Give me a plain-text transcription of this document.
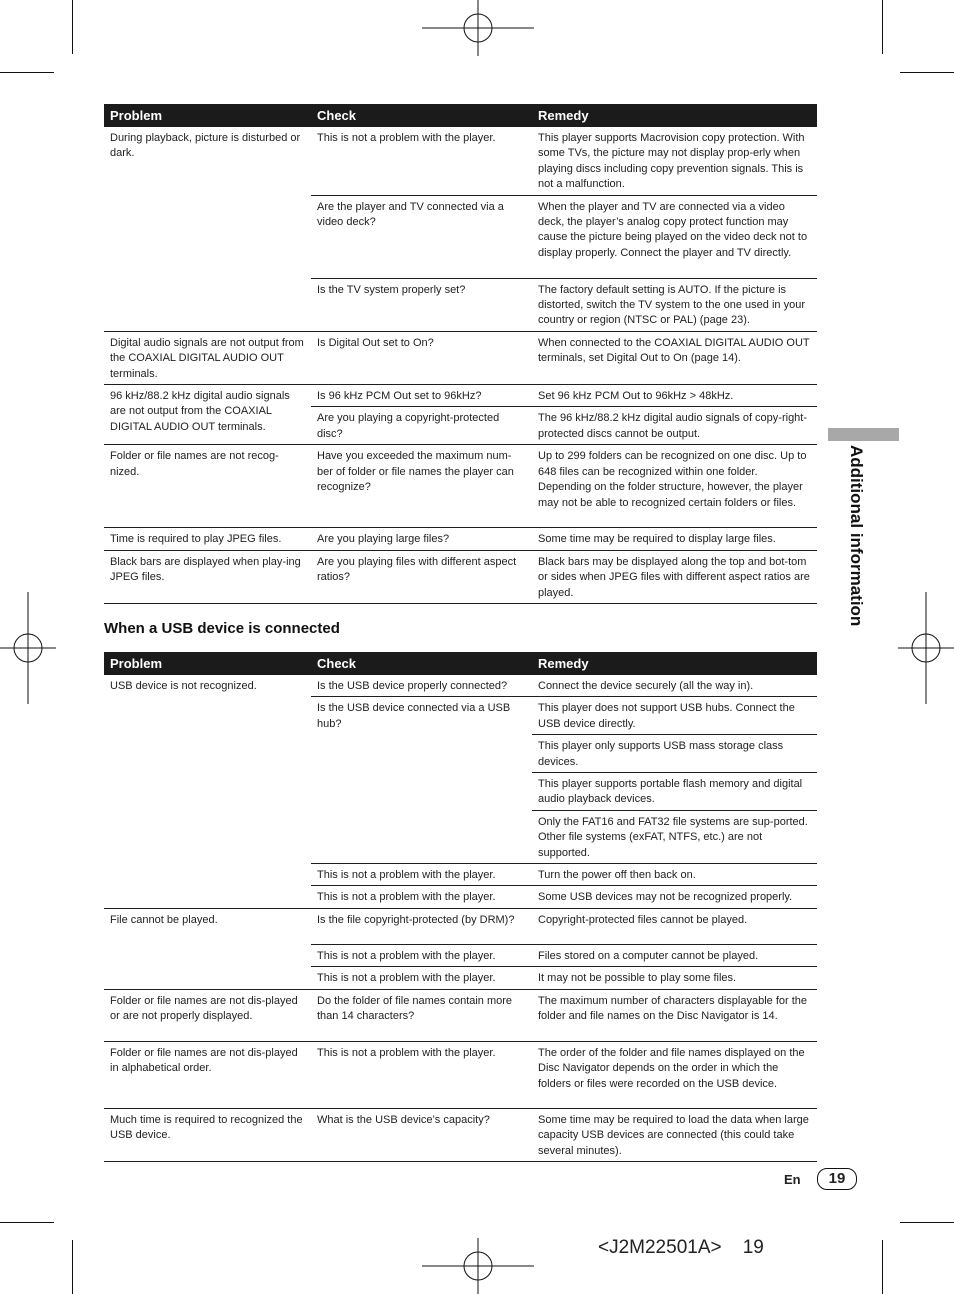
Problem	Check	Remedy
During playback, picture is disturbed or dark.	This is not a problem with the player.	This player supports Macrovision copy protection. With some TVs, the picture may not display prop-erly when playing discs including copy prevention signals. This is not a malfunction.
	Are the player and TV connected via a video deck?	When the player and TV are connected via a video deck, the player’s analog copy protect function may cause the picture being played on the video deck not to display properly. Connect the player and TV directly.
	Is the TV system properly set?	The factory default setting is AUTO. If the picture is distorted, switch the TV system to the one used in your country or region (NTSC or PAL) (page 23).
Digital audio signals are not output from the COAXIAL DIGITAL AUDIO OUT terminals.	Is Digital Out set to On?	When connected to the COAXIAL DIGITAL AUDIO OUT terminals, set Digital Out to On (page 14).
96 kHz/88.2 kHz digital audio signals are not output from the COAXIAL DIGITAL AUDIO OUT terminals.	Is 96 kHz PCM Out set to 96kHz?	Set 96 kHz PCM Out to 96kHz > 48kHz.
	Are you playing a copyright-protected disc?	The 96 kHz/88.2 kHz digital audio signals of copy-right-protected discs cannot be output.
Folder or file names are not recog-nized.	Have you exceeded the maximum num-ber of folder or file names the player can recognize?	Up to 299 folders can be recognized on one disc. Up to 648 files can be recognized within one folder. Depending on the folder structure, however, the player may not be able to recognized certain folders or files.
Time is required to play JPEG files.	Are you playing large files?	Some time may be required to display large files.
Black bars are displayed when play-ing JPEG files.	Are you playing files with different aspect ratios?	Black bars may be displayed along the top and bot-tom or sides when JPEG files with different aspect ratios are played.
When a USB device is connected
Problem	Check	Remedy
USB device is not recognized.	Is the USB device properly connected?	Connect the device securely (all the way in).
	Is the USB device connected via a USB hub?	This player does not support USB hubs. Connect the USB device directly.
		This player only supports USB mass storage class devices.
		This player supports portable flash memory and digital audio playback devices.
		Only the FAT16 and FAT32 file systems are sup-ported. Other file systems (exFAT, NTFS, etc.) are not supported.
	This is not a problem with the player.	Turn the power off then back on.
	This is not a problem with the player.	Some USB devices may not be recognized properly.
File cannot be played.	Is the file copyright-protected (by DRM)?	Copyright-protected files cannot be played.
	This is not a problem with the player.	Files stored on a computer cannot be played.
	This is not a problem with the player.	It may not be possible to play some files.
Folder or file names are not dis-played or are not properly displayed.	Do the folder of file names contain more than 14 characters?	The maximum number of characters displayable for the folder and file names on the Disc Navigator is 14.
Folder or file names are not dis-played in alphabetical order.	This is not a problem with the player.	The order of the folder and file names displayed on the Disc Navigator depends on the order in which the folders or files were recorded on the USB device.
Much time is required to recognized the USB device.	What is the USB device’s capacity?	Some time may be required to load the data when large capacity USB devices are connected (this could take several minutes).
Additional information
En	19
<J2M22501A> 19
